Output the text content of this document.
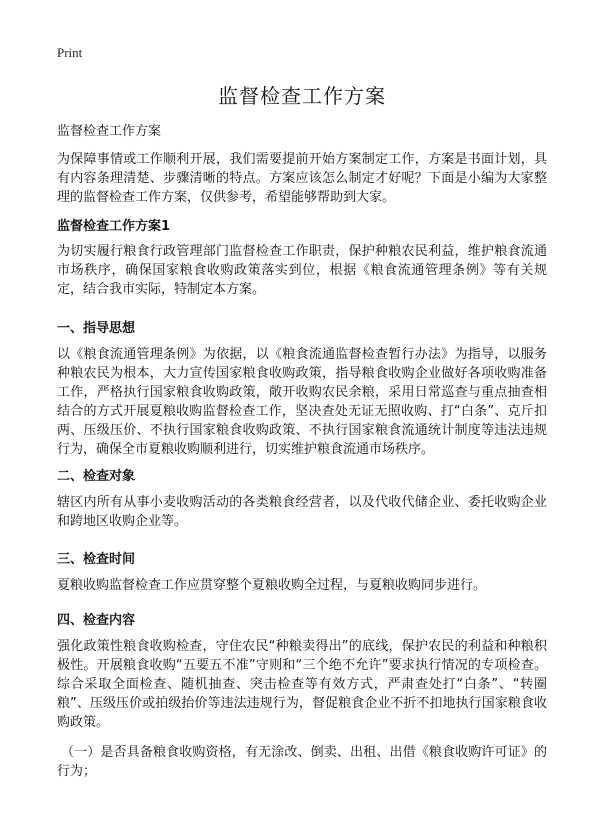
Print
监督检查工作方案

监督检查工作方案

为保障事情或工作顺利开展，我们需要提前开始方案制定工作，方案是书面计划，具有内容条理清楚、步骤清晰的特点。方案应该怎么制定才好呢？下面是小编为大家整理的监督检查工作方案，仅供参考，希望能够帮助到大家。

监督检查工作方案1

为切实履行粮食行政管理部门监督检查工作职责，保护种粮农民利益，维护粮食流通市场秩序，确保国家粮食收购政策落实到位，根据《粮食流通管理条例》等有关规定，结合我市实际，特制定本方案。

一、指导思想

以《粮食流通管理条例》为依据，以《粮食流通监督检查暂行办法》为指导，以服务种粮农民为根本，大力宣传国家粮食收购政策，指导粮食收购企业做好各项收购准备工作，严格执行国家粮食收购政策，敞开收购农民余粮，采用日常巡查与重点抽查相结合的方式开展夏粮收购监督检查工作，坚决查处无证无照收购、打“白条”、克斤扣两、压级压价、不执行国家粮食收购政策、不执行国家粮食流通统计制度等违法违规行为，确保全市夏粮收购顺利进行，切实维护粮食流通市场秩序。

二、检查对象

辖区内所有从事小麦收购活动的各类粮食经营者，以及代收代储企业、委托收购企业和跨地区收购企业等。

三、检查时间

夏粮收购监督检查工作应贯穿整个夏粮收购全过程，与夏粮收购同步进行。

四、检查内容

强化政策性粮食收购检查，守住农民“种粮卖得出”的底线，保护农民的利益和种粮积极性。开展粮食收购“五要五不准”守则和“三个绝不允许”要求执行情况的专项检查。综合采取全面检查、随机抽查、突击检查等有效方式，严肃查处打“白条”、“转圈粮”、压级压价或拍级抬价等违法违规行为，督促粮食企业不折不扣地执行国家粮食收购政策。

（一）是否具备粮食收购资格，有无涂改、倒卖、出租、出借《粮食收购许可证》的行为；
